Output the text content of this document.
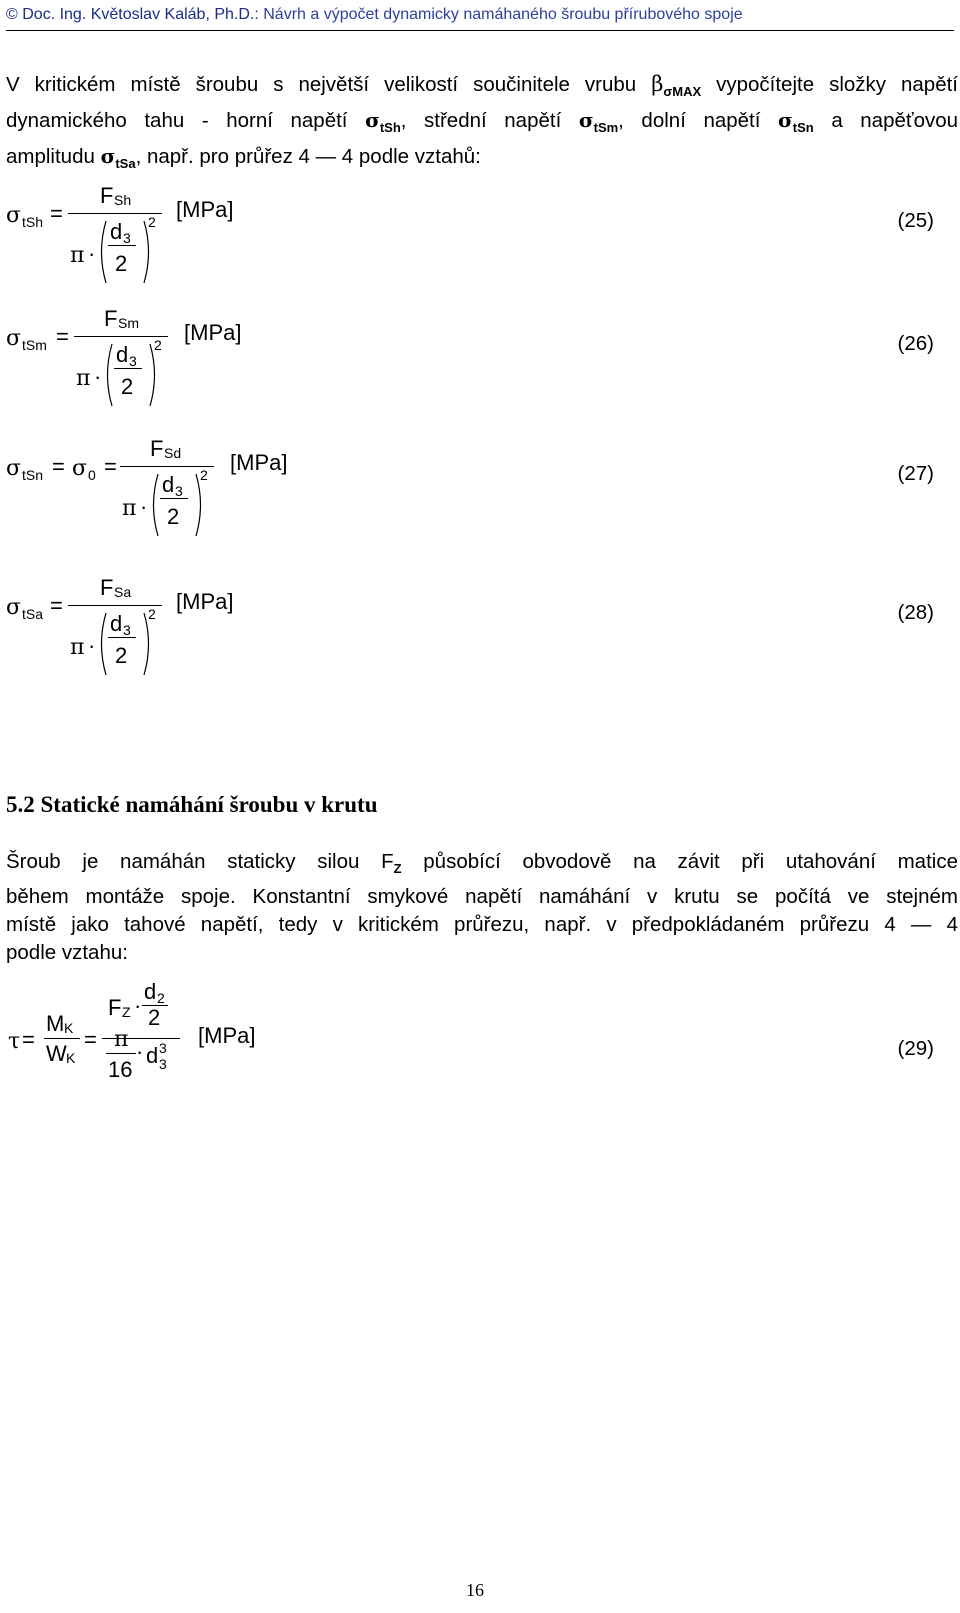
© Doc. Ing. Květoslav Kaláb, Ph.D.: Návrh a výpočet dynamicky namáhaného šroubu přírubového spoje
V kritickém místě šroubu s největší velikostí součinitele vrubu $\beta_{\sigma MAX}$ vypočítejte složky napětí
dynamického tahu - horní napětí $\sigma_{tSh}$, střední napětí $\sigma_{tSm}$, dolní napětí $\sigma_{tSn}$ a napěťovou
amplitudu $\sigma_{tSa}$, např. pro průřez 4 — 4 podle vztahů:
σ tSh =
F Sh
π ·
d 3
2
2 [MPa]	(25)
σ tSm =
F Sm
π ·
d 3
2
2 [MPa]	(26)
σ tSn = σ 0 =
F Sd
π ·
d 3
2
2 [MPa]	(27)
σ tSa =
F Sa
π ·
d 3
2
2 [MPa]	(28)
5.2 Statické namáhání šroubu v krutu
Šroub je namáhán staticky silou $F_Z$ působící obvodově na závit při utahování matice
během montáže spoje. Konstantní smykové napětí namáhání v krutu se počítá ve stejném
místě jako tahové napětí, tedy v kritickém průřezu, např. v předpokládaném průřezu 4 — 4
podle vztahu:
τ =
M K
W K
=
d 2
F Z · 2
π
16
· d 3
3
[MPa]
(29)
16
